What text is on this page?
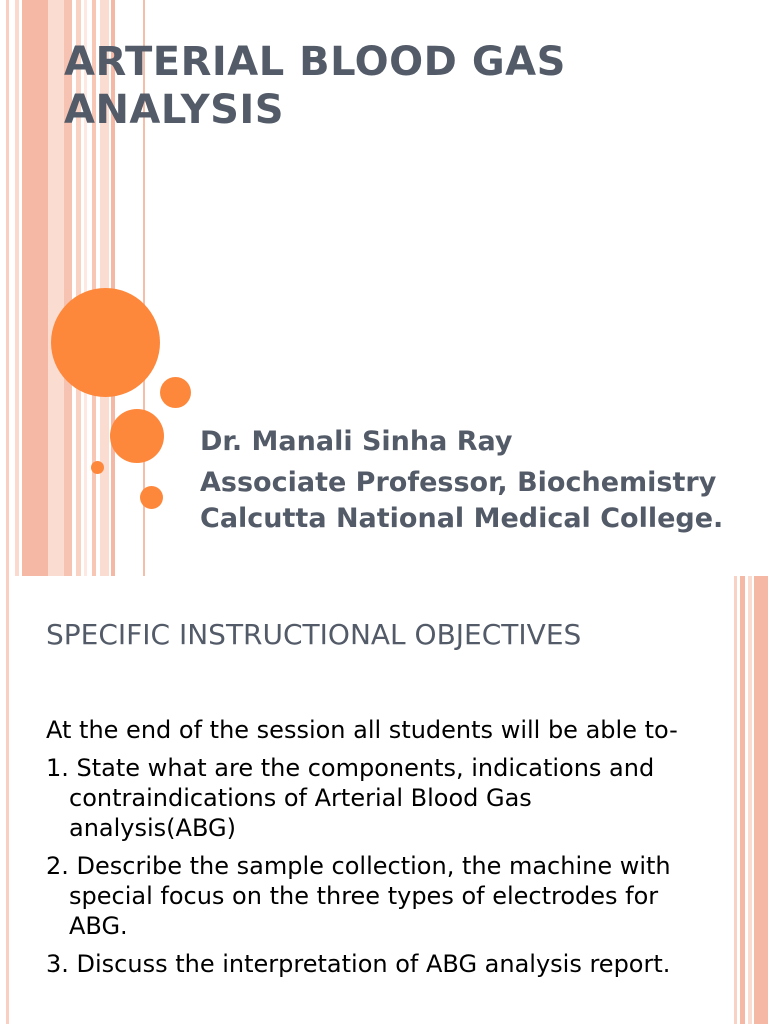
ARTERIAL BLOOD GAS ANALYSIS

Dr. Manali Sinha Ray

Associate Professor, Biochemistry Calcutta National Medical College.

SPECIFIC INSTRUCTIONAL OBJECTIVES

At the end of the session all students will be able to-

1. State what are the components, indications and contraindications of Arterial Blood Gas analysis(ABG)

2. Describe the sample collection, the machine with special focus on the three types of electrodes for ABG.

3. Discuss the interpretation of ABG analysis report.
